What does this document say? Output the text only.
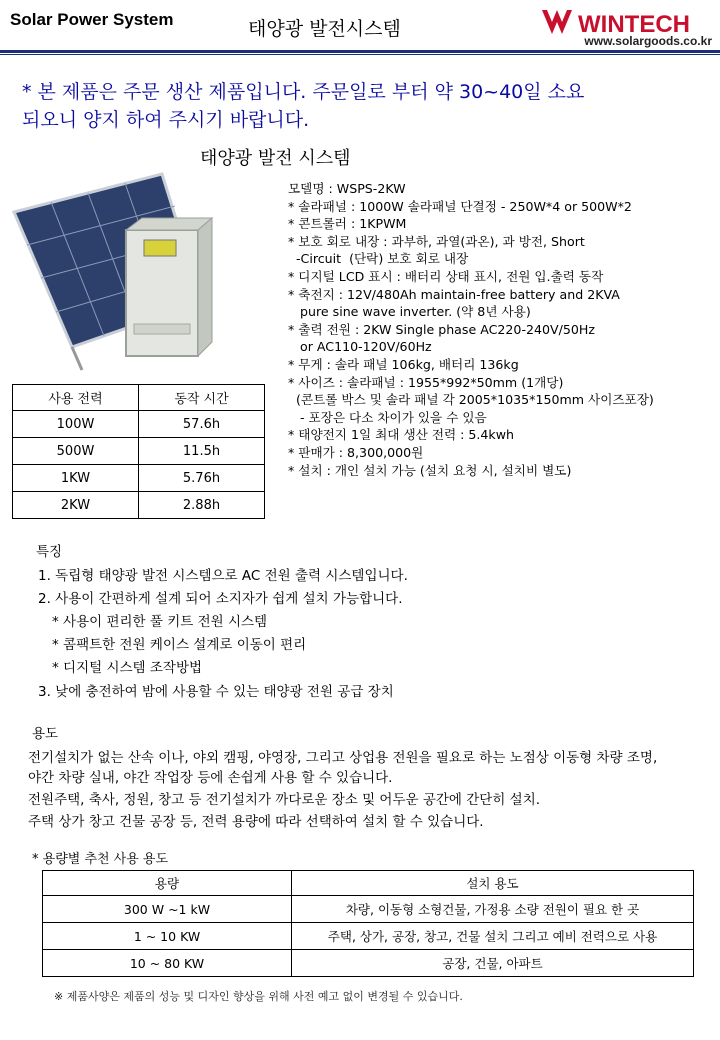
Solar Power System	태양광 발전시스템	WINTECH
www.solargoods.co.kr
* 본 제품은 주문 생산 제품입니다. 주문일로 부터 약 30~40일 소요
되오니 양지 하여 주시기 바랍니다.
태양광 발전 시스템
모델명 : WSPS-2KW
* 솔라패널 : 1000W 솔라패널 단결정 - 250W*4 or 500W*2
* 콘트롤러 : 1KPWM
* 보호 회로 내장 : 과부하, 과열(과온), 과 방전, Short
-Circuit  (단락) 보호 회로 내장
* 디지털 LCD 표시 : 배터리 상태 표시, 전원 입.출력 동작
* 축전지 : 12V/480Ah maintain-free battery and 2KVA
pure sine wave inverter. (약 8년 사용)
* 출력 전원 : 2KW Single phase AC220-240V/50Hz
or AC110-120V/60Hz
* 무게 : 솔라 패널 106kg, 배터리 136kg
* 사이즈 : 솔라패널 : 1955*992*50mm (1개당)
(콘트롤 박스 및 솔라 패널 각 2005*1035*150mm 사이즈포장)
- 포장은 다소 차이가 있을 수 있음
* 태양전지 1일 최대 생산 전력 : 5.4kwh
* 판매가 : 8,300,000원
* 설치 : 개인 설치 가능 (설치 요청 시, 설치비 별도)
사용 전력	동작 시간
100W	57.6h
500W	11.5h
1KW	5.76h
2KW	2.88h
특징
1. 독립형 태양광 발전 시스템으로 AC 전원 출력 시스템입니다.
2. 사용이 간편하게 설계 되어 소지자가 쉽게 설치 가능합니다.
* 사용이 편리한 풀 키트 전원 시스템
* 콤팩트한 전원 케이스 설계로 이동이 편리
* 디지털 시스템 조작방법
3. 낮에 충전하여 밤에 사용할 수 있는 태양광 전원 공급 장치
용도
전기설치가 없는 산속 이나, 야외 캠핑, 야영장, 그리고 상업용 전원을 필요로 하는 노점상 이동형 차량 조명,
야간 차량 실내, 야간 작업장 등에 손쉽게 사용 할 수 있습니다.
전원주택, 축사, 정원, 창고 등 전기설치가 까다로운 장소 및 어두운 공간에 간단히 설치.
주택 상가 창고 건물 공장 등, 전력 용량에 따라 선택하여 설치 할 수 있습니다.
* 용량별 추천 사용 용도
용량	설치 용도
300 W ~1 kW	차량, 이동형 소형건물, 가정용 소량 전원이 필요 한 곳
1 ~ 10 KW	주택, 상가, 공장, 창고, 건물 설치 그리고 예비 전력으로 사용
10 ~ 80 KW	공장, 건물, 아파트
※ 제품사양은 제품의 성능 및 디자인 향상을 위해 사전 예고 없이 변경될 수 있습니다.
